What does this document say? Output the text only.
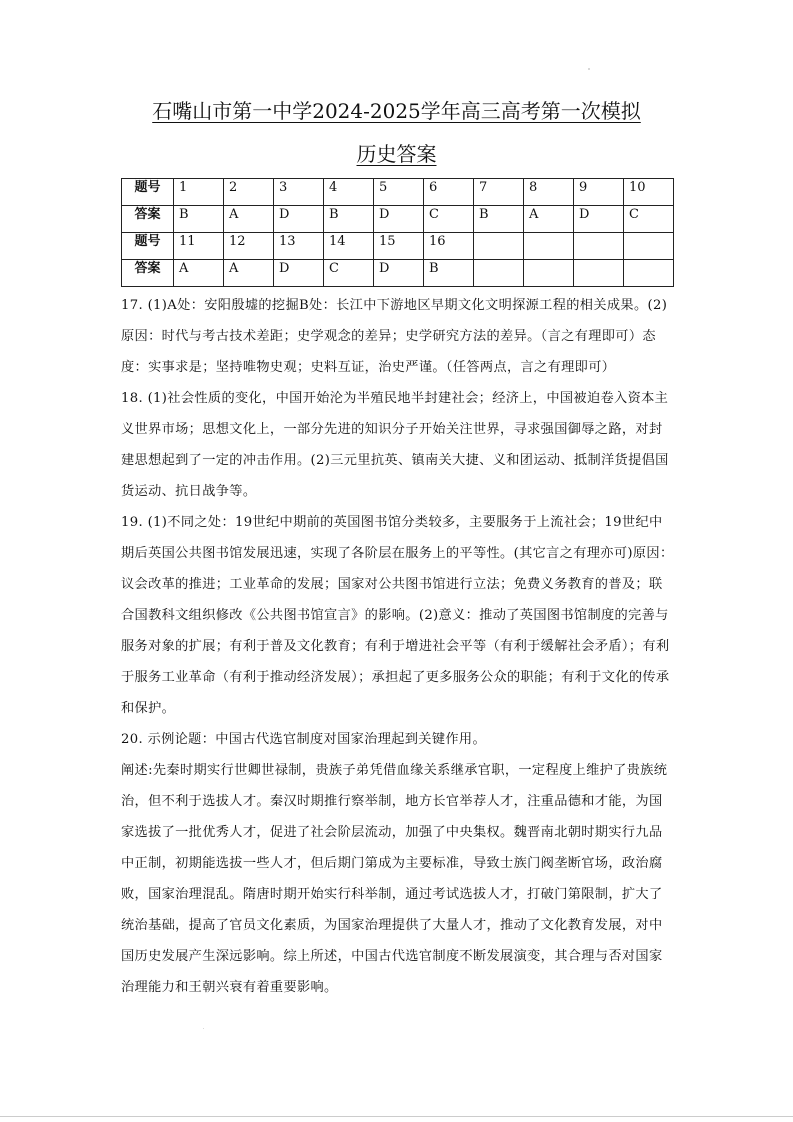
石嘴山市第一中学2024-2025学年高三高考第一次模拟
历史答案
题号	1	2	3	4	5	6	7	8	9	10
答案	B	A	D	B	D	C	B	A	D	C
题号	11	12	13	14	15	16				
答案	A	A	D	C	D	B				

17. (1)A处：安阳殷墟的挖掘B处：长江中下游地区早期文化文明探源工程的相关成果。(2)原因：时代与考古技术差距；史学观念的差异；史学研究方法的差异。（言之有理即可）态度：实事求是；坚持唯物史观；史料互证，治史严谨。（任答两点，言之有理即可）

18. (1)社会性质的变化，中国开始沦为半殖民地半封建社会；经济上，中国被迫卷入资本主义世界市场；思想文化上，一部分先进的知识分子开始关注世界，寻求强国御辱之路，对封建思想起到了一定的冲击作用。(2)三元里抗英、镇南关大捷、义和团运动、抵制洋货提倡国货运动、抗日战争等。

19. (1)不同之处：19世纪中期前的英国图书馆分类较多，主要服务于上流社会；19世纪中期后英国公共图书馆发展迅速，实现了各阶层在服务上的平等性。(其它言之有理亦可)原因：议会改革的推进；工业革命的发展；国家对公共图书馆进行立法；免费义务教育的普及；联合国教科文组织修改《公共图书馆宣言》的影响。(2)意义：推动了英国图书馆制度的完善与服务对象的扩展；有利于普及文化教育；有利于增进社会平等（有利于缓解社会矛盾）；有利于服务工业革命（有利于推动经济发展）；承担起了更多服务公众的职能；有利于文化的传承和保护。

20. 示例论题：中国古代选官制度对国家治理起到关键作用。

阐述:先秦时期实行世卿世禄制，贵族子弟凭借血缘关系继承官职，一定程度上维护了贵族统治，但不利于选拔人才。秦汉时期推行察举制，地方长官举荐人才，注重品德和才能，为国家选拔了一批优秀人才，促进了社会阶层流动，加强了中央集权。魏晋南北朝时期实行九品中正制，初期能选拔一些人才，但后期门第成为主要标准，导致士族门阀垄断官场，政治腐败，国家治理混乱。隋唐时期开始实行科举制，通过考试选拔人才，打破门第限制，扩大了统治基础，提高了官员文化素质，为国家治理提供了大量人才，推动了文化教育发展，对中国历史发展产生深远影响。综上所述，中国古代选官制度不断发展演变，其合理与否对国家治理能力和王朝兴衰有着重要影响。
